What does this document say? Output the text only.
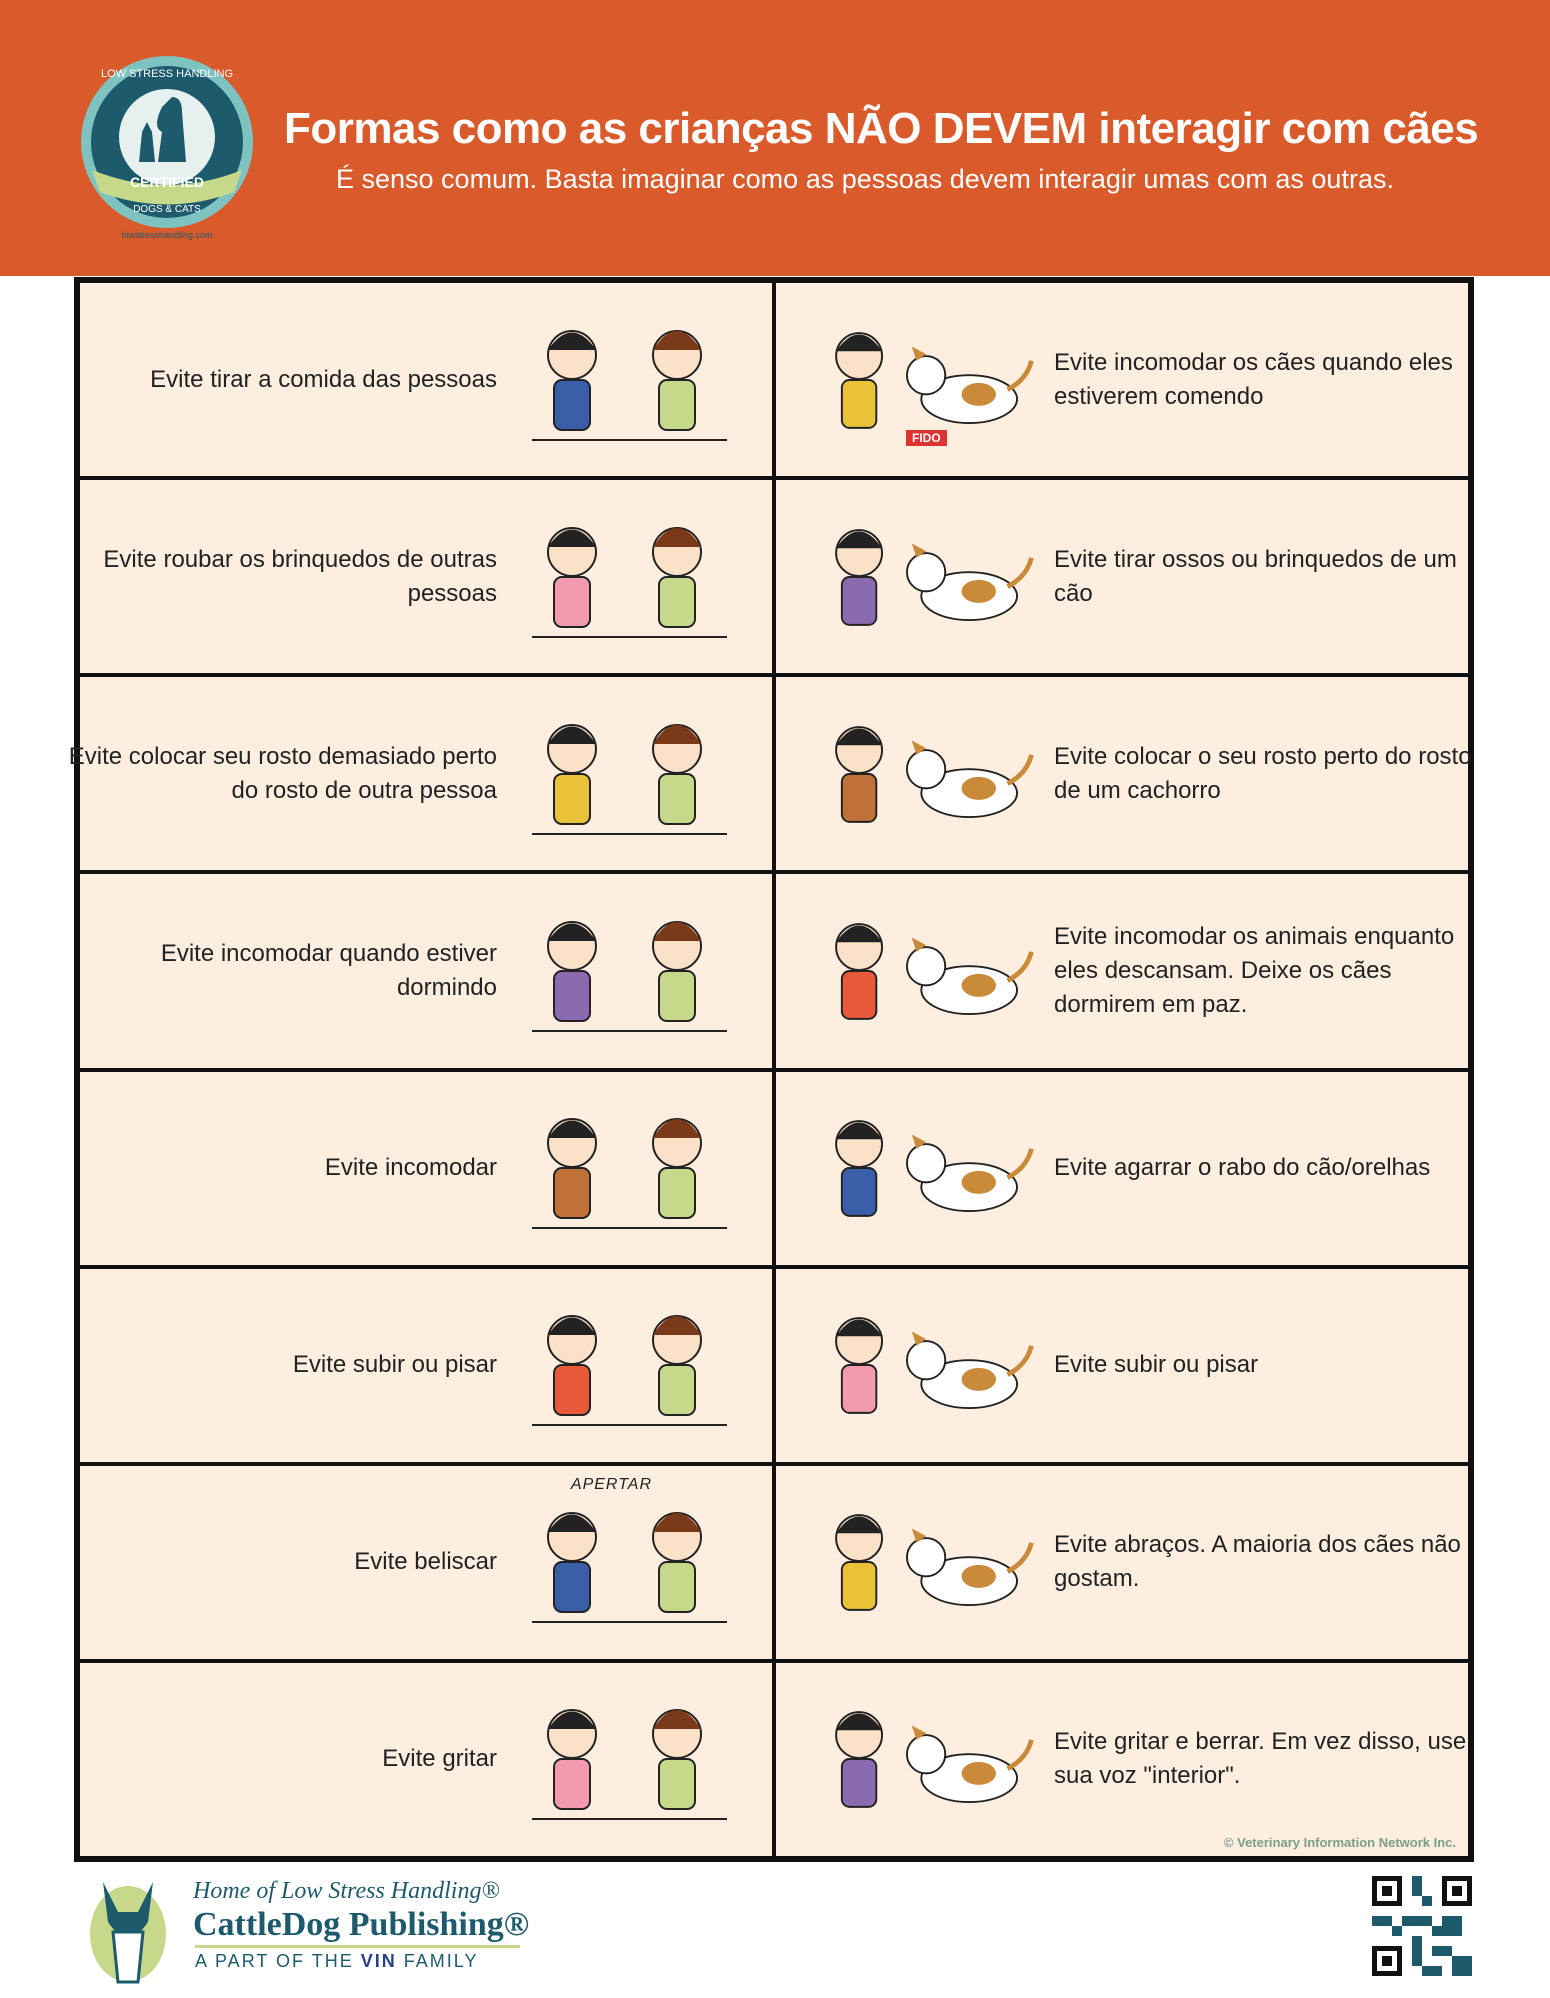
CERTIFIED
LOW STRESS HANDLING
DOGS & CATS
lowstresshandling.com
Formas como as crianças NÃO DEVEM interagir com cães
É senso comum. Basta imaginar como as pessoas devem interagir umas com as outras.
Evite tirar a comida das pessoas
Evite incomodar os cães quando eles estiverem comendo
FIDO
Evite roubar os brinquedos de outras pessoas
Evite tirar ossos ou brinquedos de um cão
Evite colocar seu rosto demasiado perto do rosto de outra pessoa
Evite colocar o seu rosto perto do rosto de um cachorro
Evite incomodar quando estiver dormindo
Evite incomodar os animais enquanto eles descansam. Deixe os cães dormirem em paz.
Evite incomodar	Evite agarrar o rabo do cão/orelhas
Evite subir ou pisar	Evite subir ou pisar
Evite beliscar
APERTAR
Evite abraços. A maioria dos cães não gostam.
Evite gritar
Evite gritar e berrar. Em vez disso, use sua voz "interior".
© Veterinary Information Network Inc.
Home of Low Stress Handling®
CattleDog Publishing®
A PART OF THE VIN FAMILY
